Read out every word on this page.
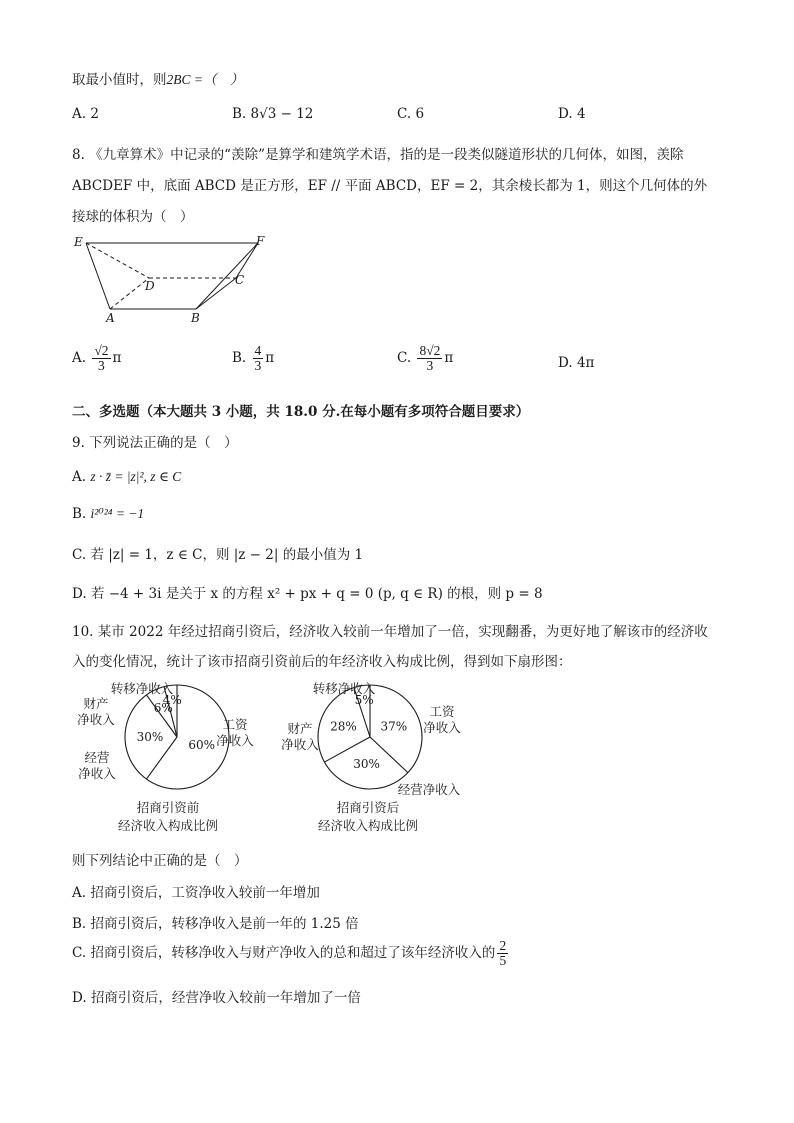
取最小值时，则2BC =（　）
A. 2	B. 8√3 − 12	C. 6	D. 4
8. 《九章算术》中记录的“羡除”是算学和建筑学术语，指的是一段类似隧道形状的几何体，如图，羡除
ABCDEF 中，底面 ABCD 是正方形，EF // 平面 ABCD，EF = 2，其余棱长都为 1，则这个几何体的外
接球的体积为（　）
E	F
D	C
A	B
A. $\frac{√2}{3}$ π	B. $\frac{4}{3}$ π	C. $\frac{8√2}{3}$ π	D. 4π
二、多选题（本大题共 3 小题，共 18.0 分.在每小题有多项符合题目要求）
9. 下列说法正确的是（　）
A. z · z̄ = |z|², z ∈ C
B. i²⁰²⁴ = −1
C. 若 |z| = 1，z ∈ C，则 |z − 2| 的最小值为 1
D. 若 −4 + 3i 是关于 x 的方程 x² + px + q = 0 (p, q ∈ R) 的根，则 p = 8
10. 某市 2022 年经过招商引资后，经济收入较前一年增加了一倍，实现翻番，为更好地了解该市的经济收
入的变化情况，统计了该市招商引资前后的年经济收入构成比例，得到如下扇形图：
60%
30%
6%
4%
工资
净收入
经营
净收入
财产
净收入
转移净收入
招商引资前
经济收入构成比例
37%
30%
28%
5%
工资
净收入
经营净收入
财产
净收入
转移净收入
招商引资后
经济收入构成比例
则下列结论中正确的是（　）
A. 招商引资后，工资净收入较前一年增加
B. 招商引资后，转移净收入是前一年的 1.25 倍
C. 招商引资后，转移净收入与财产净收入的总和超过了该年经济收入的 $\frac{2}{5}$
D. 招商引资后，经营净收入较前一年增加了一倍
